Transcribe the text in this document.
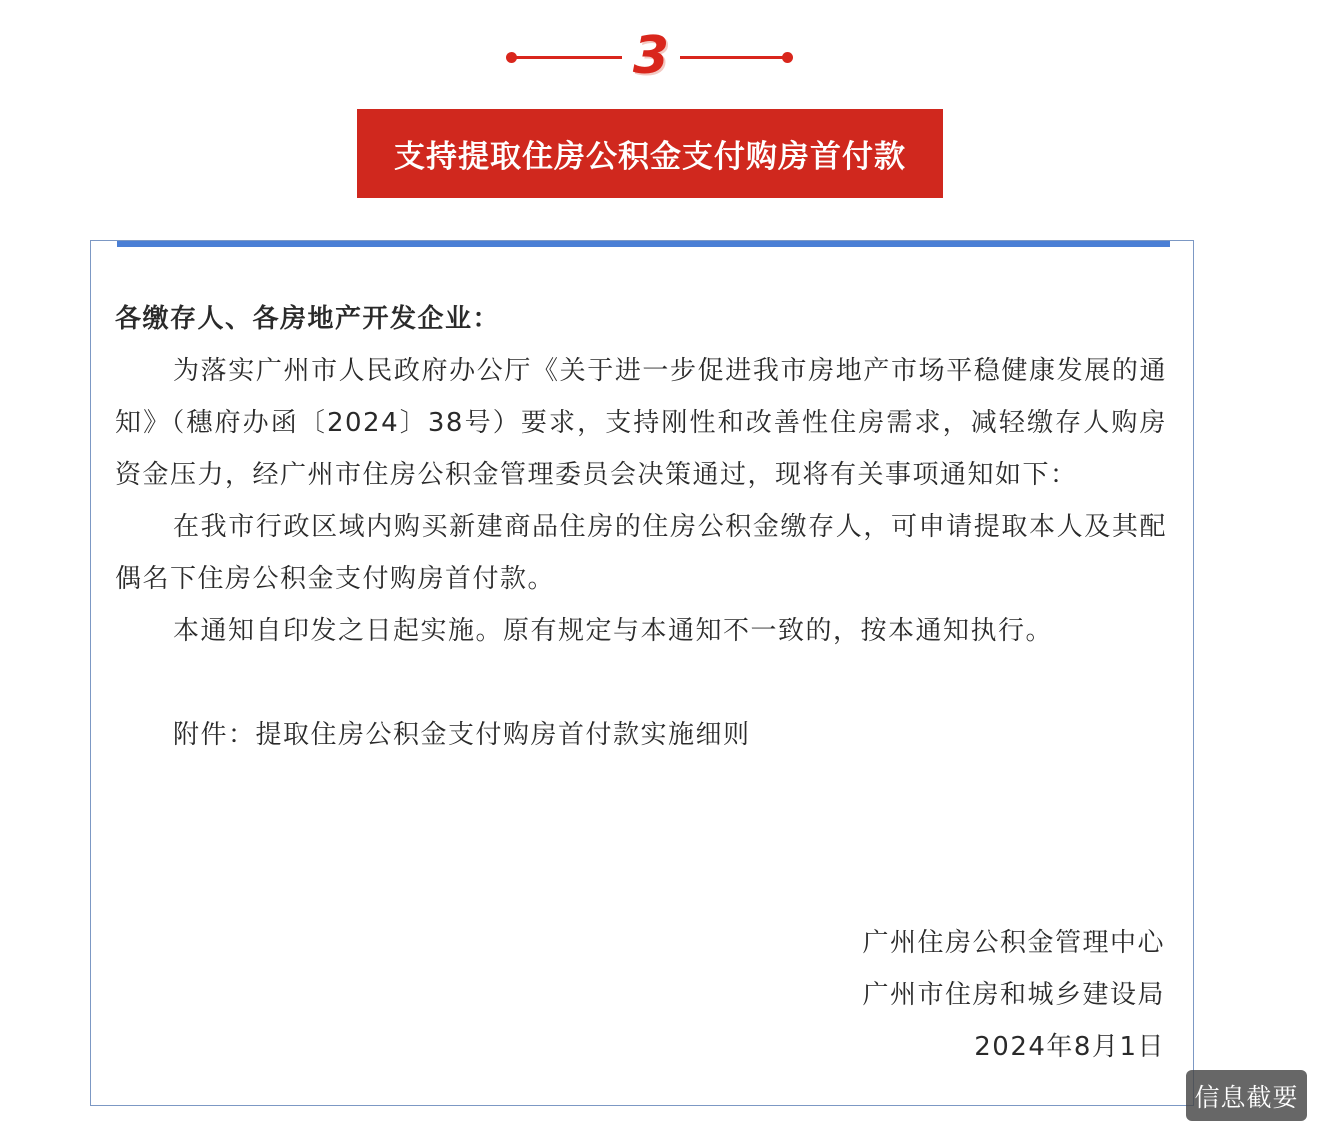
3
支持提取住房公积金支付购房首付款

各缴存人、各房地产开发企业：

为落实广州市人民政府办公厅《关于进一步促进我市房地产市场平稳健康发展的通知》（穗府办函〔2024〕38号）要求，支持刚性和改善性住房需求，减轻缴存人购房资金压力，经广州市住房公积金管理委员会决策通过，现将有关事项通知如下：

在我市行政区域内购买新建商品住房的住房公积金缴存人，可申请提取本人及其配偶名下住房公积金支付购房首付款。

本通知自印发之日起实施。原有规定与本通知不一致的，按本通知执行。

附件：提取住房公积金支付购房首付款实施细则

广州住房公积金管理中心
广州市住房和城乡建设局
2024年8月1日
信息截要
